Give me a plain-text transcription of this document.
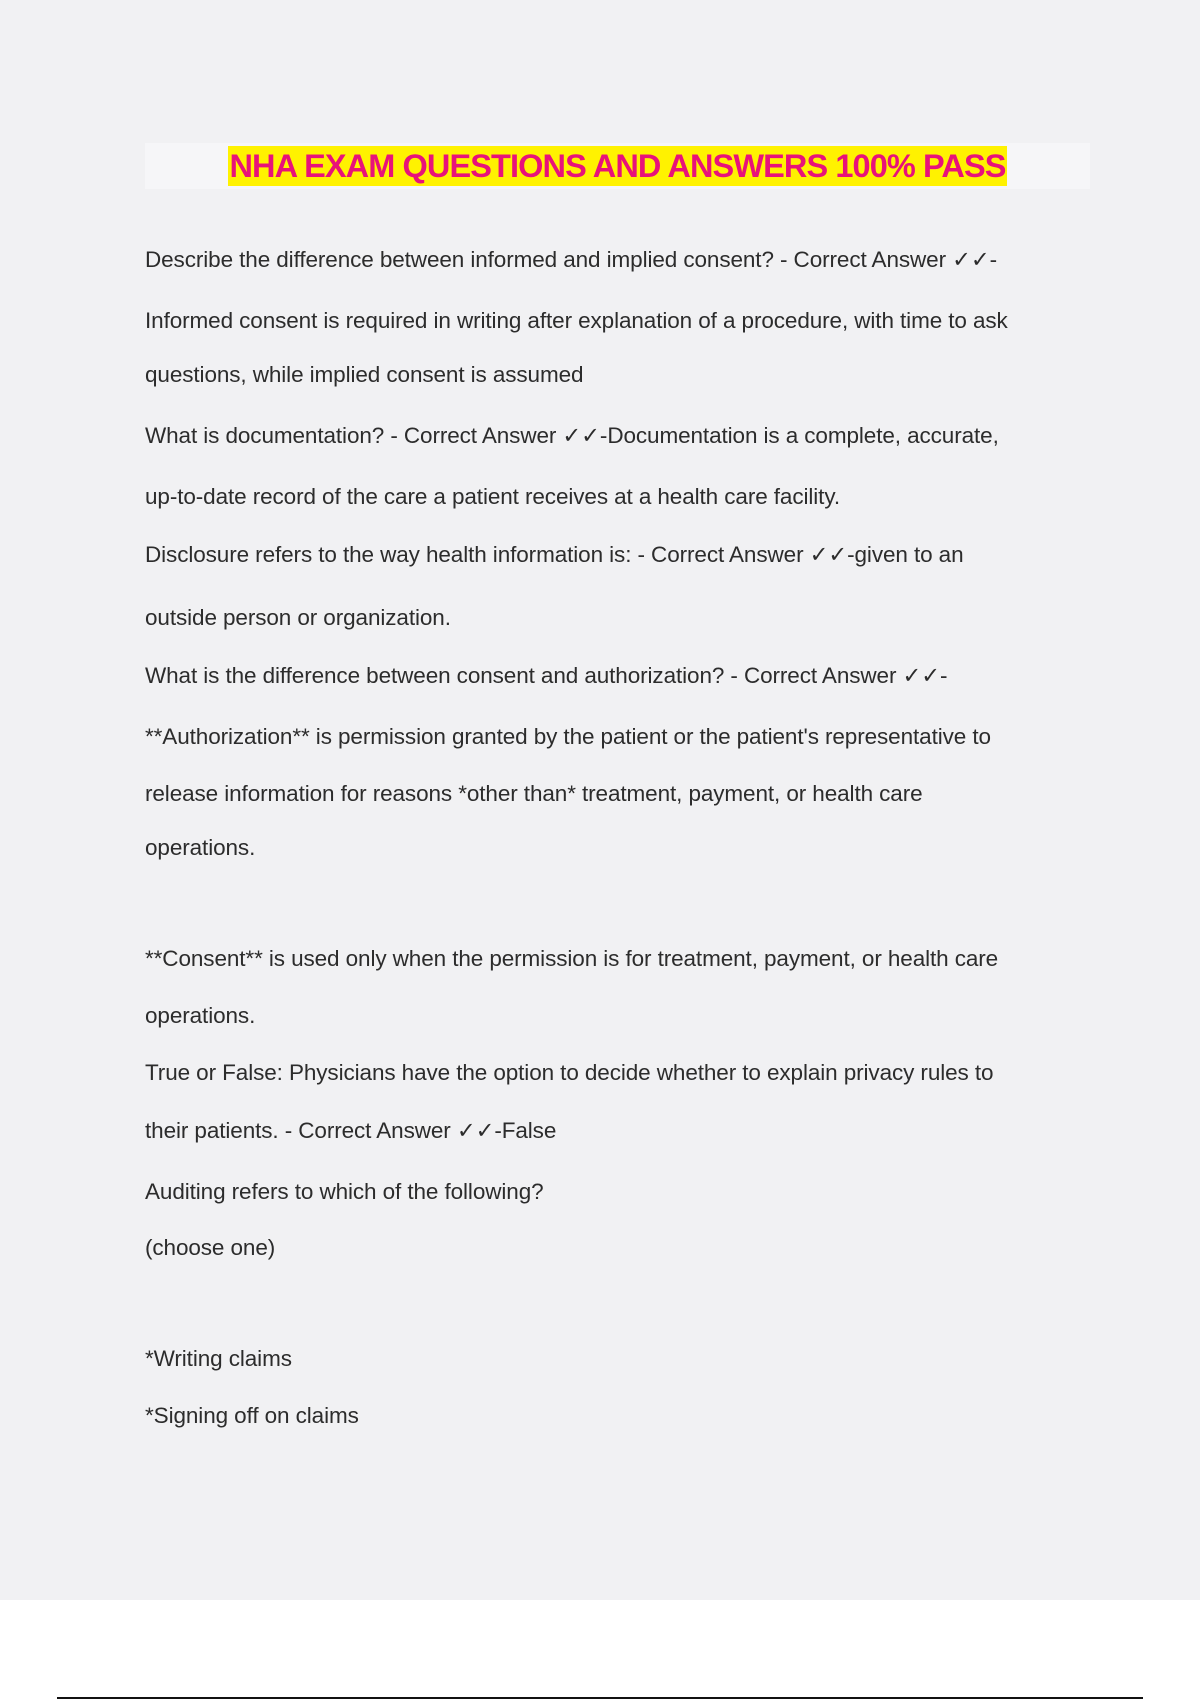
NHA EXAM QUESTIONS AND ANSWERS 100% PASS
Describe the difference between informed and implied consent? - Correct Answer ✓✓-
Informed consent is required in writing after explanation of a procedure, with time to ask
questions, while implied consent is assumed
What is documentation? - Correct Answer ✓✓-Documentation is a complete, accurate,
up-to-date record of the care a patient receives at a health care facility.
Disclosure refers to the way health information is: - Correct Answer ✓✓-given to an
outside person or organization.
What is the difference between consent and authorization? - Correct Answer ✓✓-
**Authorization** is permission granted by the patient or the patient's representative to
release information for reasons *other than* treatment, payment, or health care
operations.
**Consent** is used only when the permission is for treatment, payment, or health care
operations.
True or False: Physicians have the option to decide whether to explain privacy rules to
their patients. - Correct Answer ✓✓-False
Auditing refers to which of the following?
(choose one)
*Writing claims
*Signing off on claims
